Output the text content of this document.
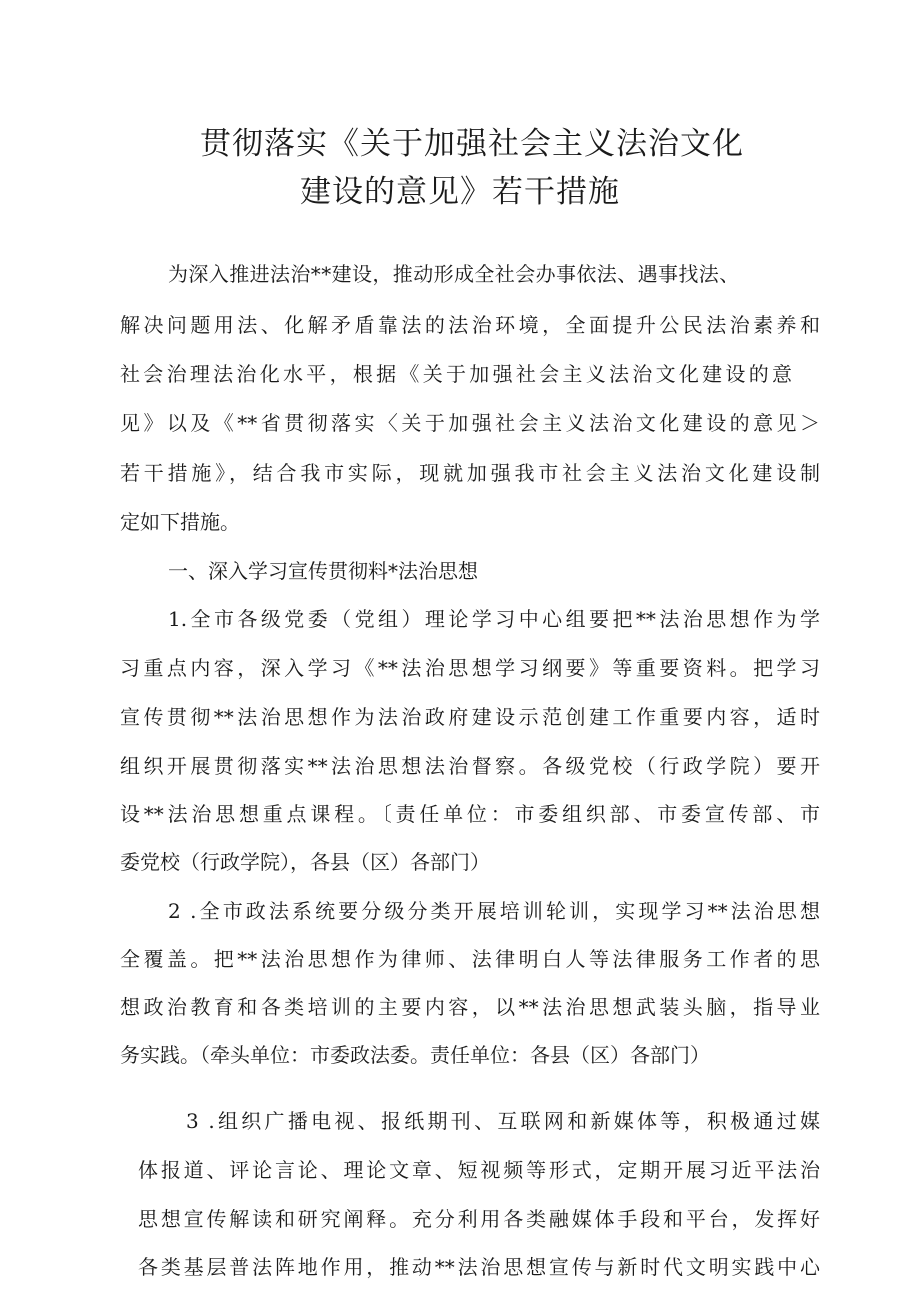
贯彻落实《关于加强社会主义法治文化
建设的意见》若干措施

为深入推进法治**建设，推动形成全社会办事依法、遇事找法、

解决问题用法、化解矛盾靠法的法治环境，全面提升公民法治素养和

社会治理法治化水平，根据《关于加强社会主义法治文化建设的意

见》以及《**省贯彻落实〈关于加强社会主义法治文化建设的意见＞

若干措施》，结合我市实际，现就加强我市社会主义法治文化建设制

定如下措施。

一、深入学习宣传贯彻料*法治思想

1.全市各级党委（党组）理论学习中心组要把**法治思想作为学

习重点内容，深入学习《**法治思想学习纲要》等重要资料。把学习

宣传贯彻**法治思想作为法治政府建设示范创建工作重要内容，适时

组织开展贯彻落实**法治思想法治督察。各级党校（行政学院）要开

设**法治思想重点课程。〔责任单位：市委组织部、市委宣传部、市

委党校（行政学院），各县（区）各部门）

2 .全市政法系统要分级分类开展培训轮训，实现学习**法治思想

全覆盖。把**法治思想作为律师、法律明白人等法律服务工作者的思

想政治教育和各类培训的主要内容，以**法治思想武装头脑，指导业

务实践。（牵头单位：市委政法委。责任单位：各县（区）各部门）

3 .组织广播电视、报纸期刊、互联网和新媒体等，积极通过媒

体报道、评论言论、理论文章、短视频等形式，定期开展习近平法治

思想宣传解读和研究阐释。充分利用各类融媒体手段和平台，发挥好

各类基层普法阵地作用，推动**法治思想宣传与新时代文明实践中心
